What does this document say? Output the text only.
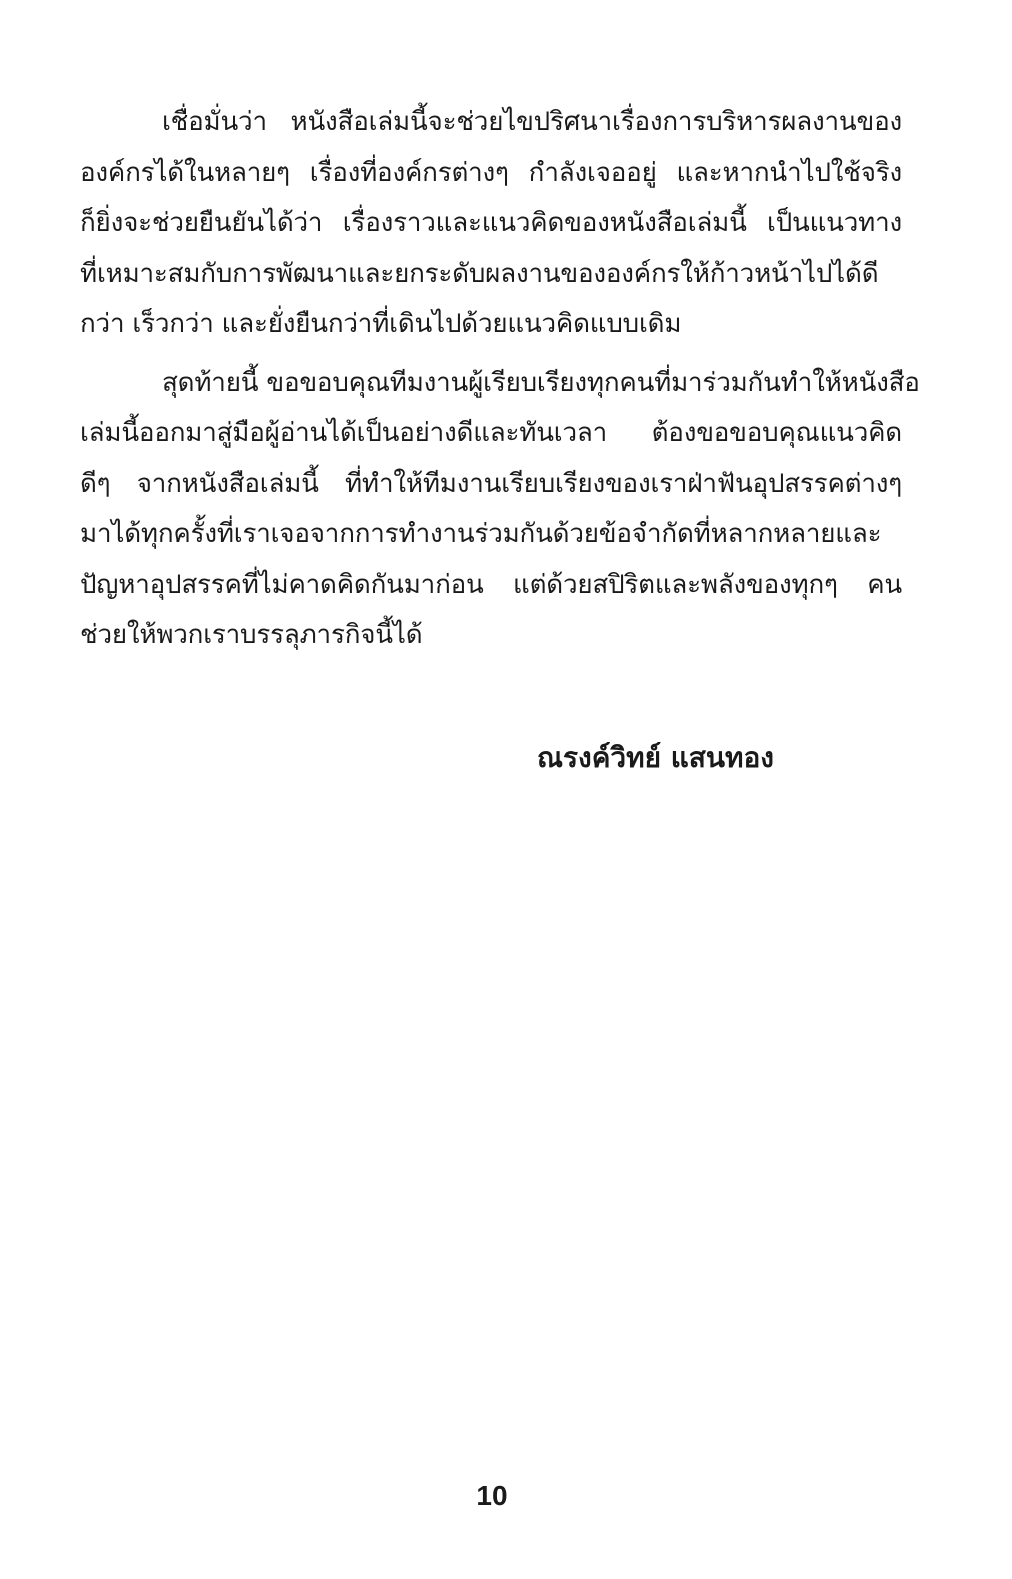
เชื่อมั่นว่า หนังสือเล่มนี้จะช่วยไขปริศนาเรื่องการบริหารผลงานของ
องค์กรได้ในหลายๆ เรื่องที่องค์กรต่างๆ กำลังเจออยู่ และหากนำไปใช้จริง
ก็ยิ่งจะช่วยยืนยันได้ว่า เรื่องราวและแนวคิดของหนังสือเล่มนี้ เป็นแนวทาง
ที่เหมาะสมกับการพัฒนาและยกระดับผลงานขององค์กรให้ก้าวหน้าไปได้ดี
กว่า เร็วกว่า และยั่งยืนกว่าที่เดินไปด้วยแนวคิดแบบเดิม
สุดท้ายนี้ ขอขอบคุณทีมงานผู้เรียบเรียงทุกคนที่มาร่วมกันทำให้หนังสือ
เล่มนี้ออกมาสู่มือผู้อ่านได้เป็นอย่างดีและทันเวลา ต้องขอขอบคุณแนวคิด
ดีๆ จากหนังสือเล่มนี้ ที่ทำให้ทีมงานเรียบเรียงของเราฝ่าฟันอุปสรรคต่างๆ
มาได้ทุกครั้งที่เราเจอจากการทำงานร่วมกันด้วยข้อจำกัดที่หลากหลายและ
ปัญหาอุปสรรคที่ไม่คาดคิดกันมาก่อน แต่ด้วยสปิริตและพลังของทุกๆ คน
ช่วยให้พวกเราบรรลุภารกิจนี้ได้
ณรงค์วิทย์ แสนทอง
10
